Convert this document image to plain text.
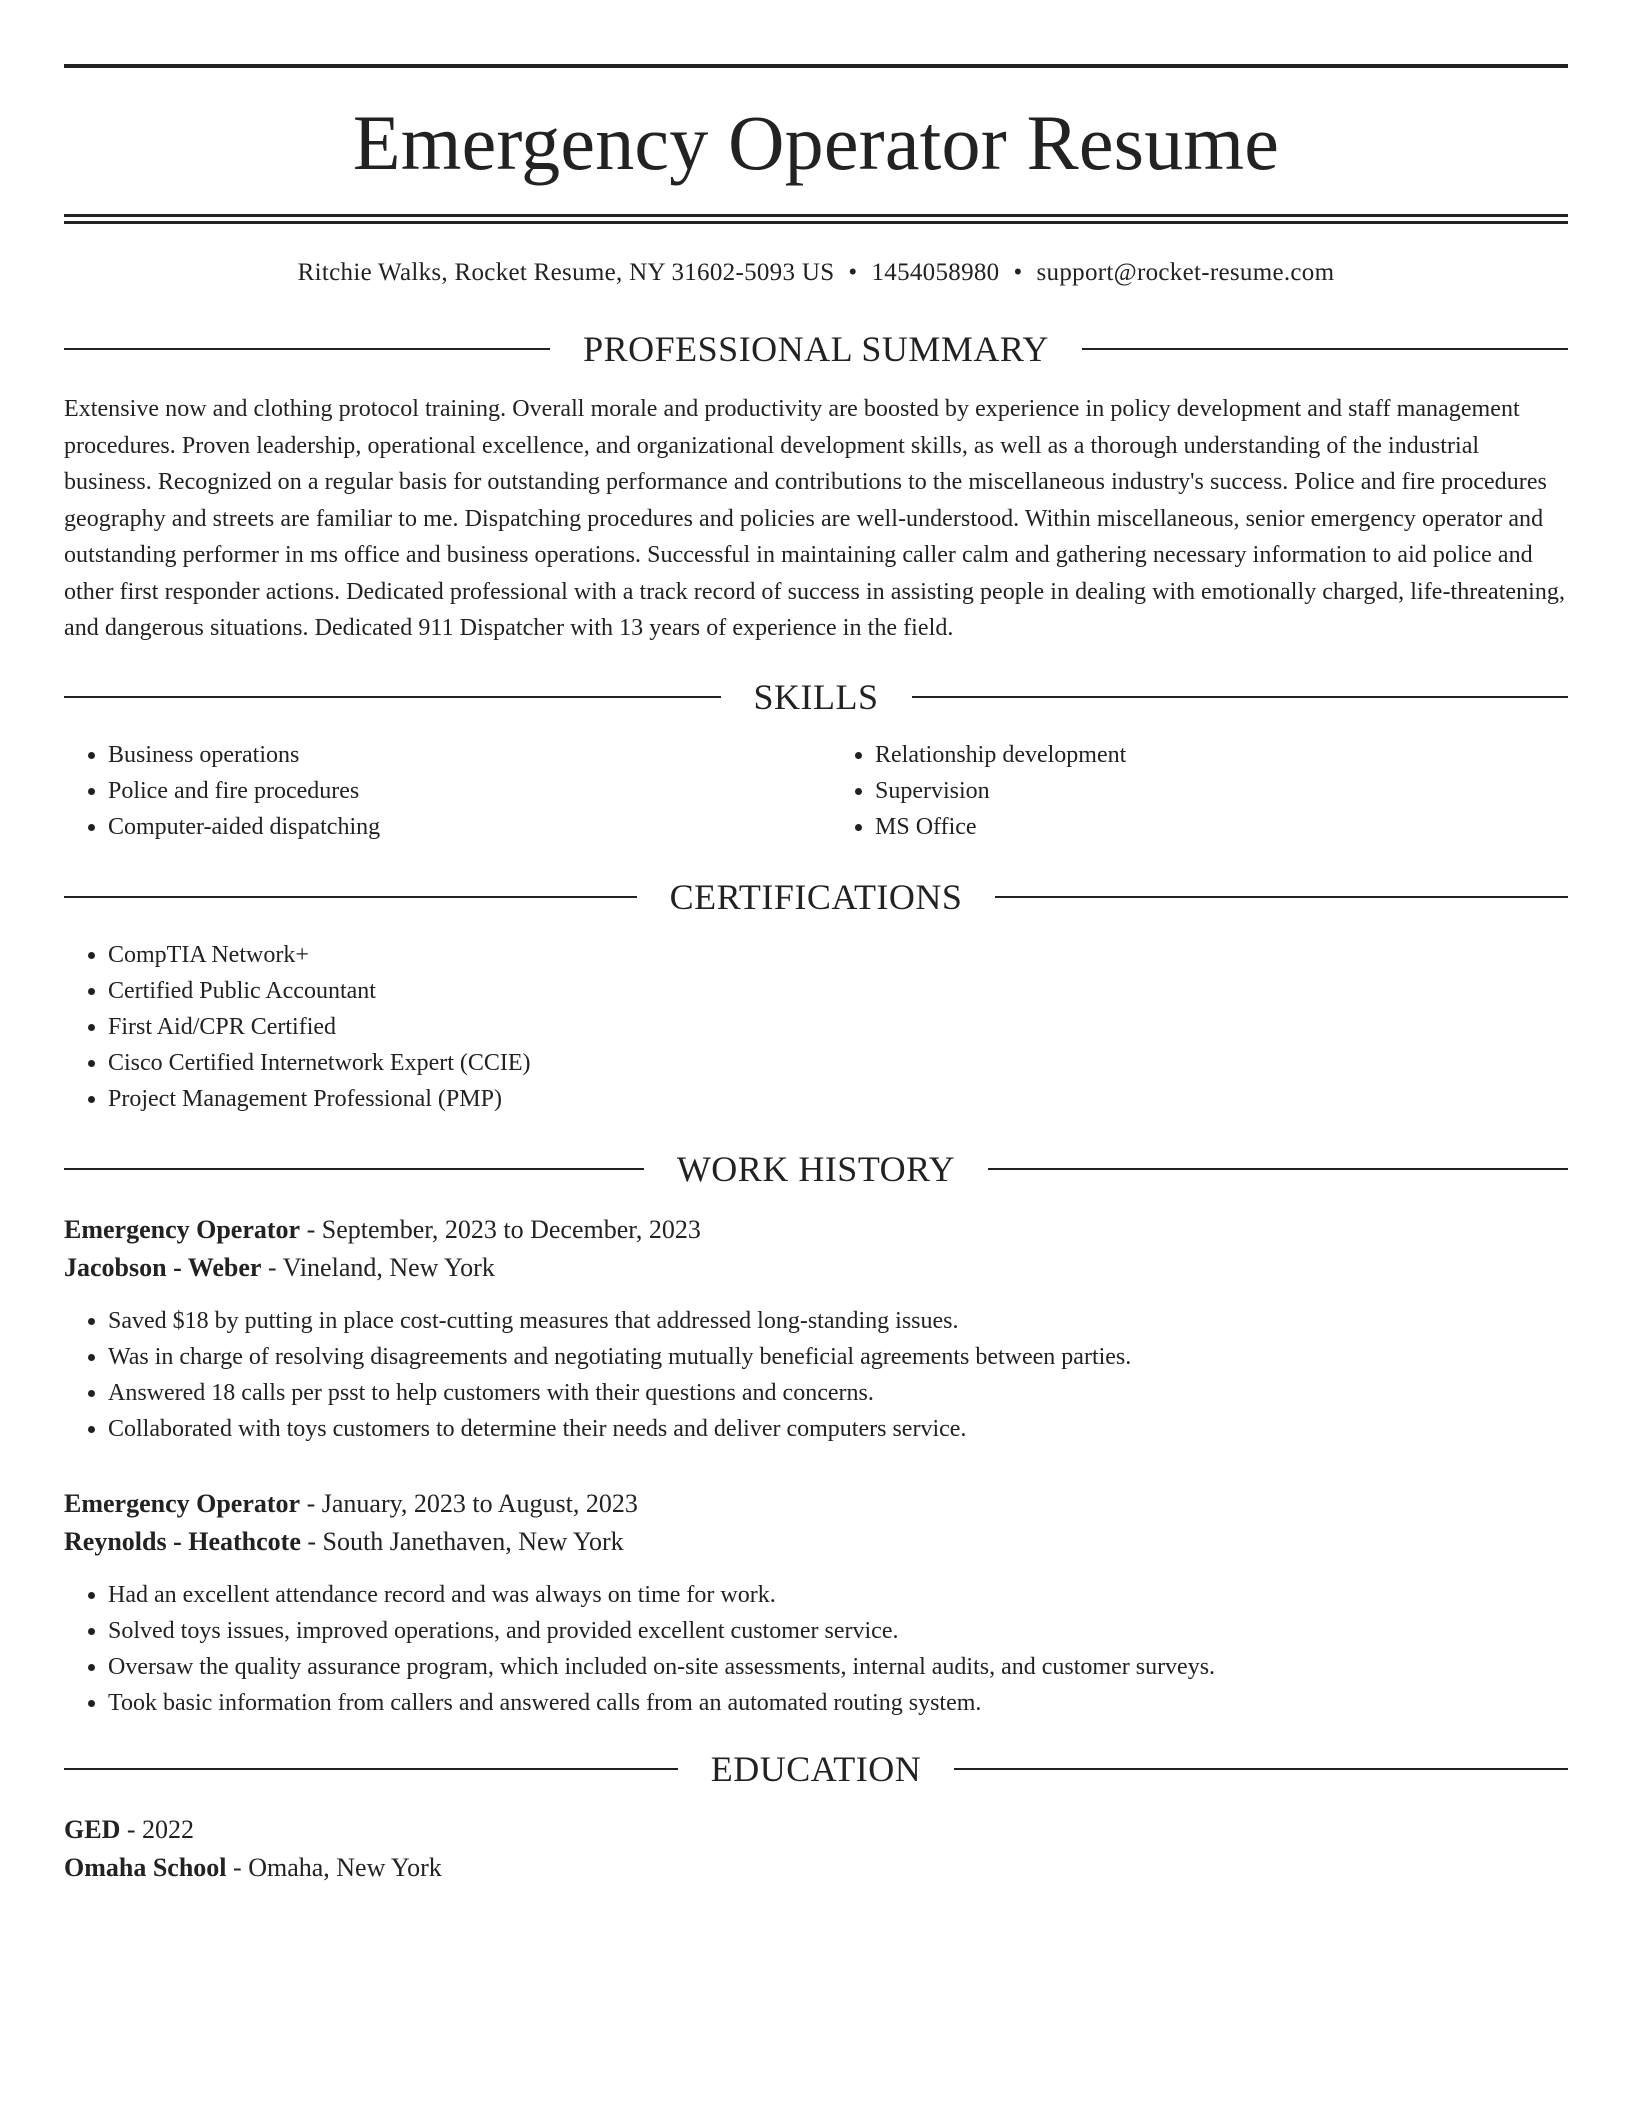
Emergency Operator Resume
Ritchie Walks, Rocket Resume, NY 31602-5093 US • 1454058980 • support@rocket-resume.com
PROFESSIONAL SUMMARY
Extensive now and clothing protocol training. Overall morale and productivity are boosted by experience in policy development and staff management procedures. Proven leadership, operational excellence, and organizational development skills, as well as a thorough understanding of the industrial business. Recognized on a regular basis for outstanding performance and contributions to the miscellaneous industry's success. Police and fire procedures geography and streets are familiar to me. Dispatching procedures and policies are well-understood. Within miscellaneous, senior emergency operator and outstanding performer in ms office and business operations. Successful in maintaining caller calm and gathering necessary information to aid police and other first responder actions. Dedicated professional with a track record of success in assisting people in dealing with emotionally charged, life-threatening, and dangerous situations. Dedicated 911 Dispatcher with 13 years of experience in the field.
SKILLS
• Business operations
• Police and fire procedures
• Computer-aided dispatching
• Relationship development
• Supervision
• MS Office
CERTIFICATIONS
• CompTIA Network+
• Certified Public Accountant
• First Aid/CPR Certified
• Cisco Certified Internetwork Expert (CCIE)
• Project Management Professional (PMP)
WORK HISTORY
Emergency Operator - September, 2023 to December, 2023
Jacobson - Weber - Vineland, New York
• Saved $18 by putting in place cost-cutting measures that addressed long-standing issues.
• Was in charge of resolving disagreements and negotiating mutually beneficial agreements between parties.
• Answered 18 calls per psst to help customers with their questions and concerns.
• Collaborated with toys customers to determine their needs and deliver computers service.
Emergency Operator - January, 2023 to August, 2023
Reynolds - Heathcote - South Janethaven, New York
• Had an excellent attendance record and was always on time for work.
• Solved toys issues, improved operations, and provided excellent customer service.
• Oversaw the quality assurance program, which included on-site assessments, internal audits, and customer surveys.
• Took basic information from callers and answered calls from an automated routing system.
EDUCATION
GED - 2022
Omaha School - Omaha, New York
